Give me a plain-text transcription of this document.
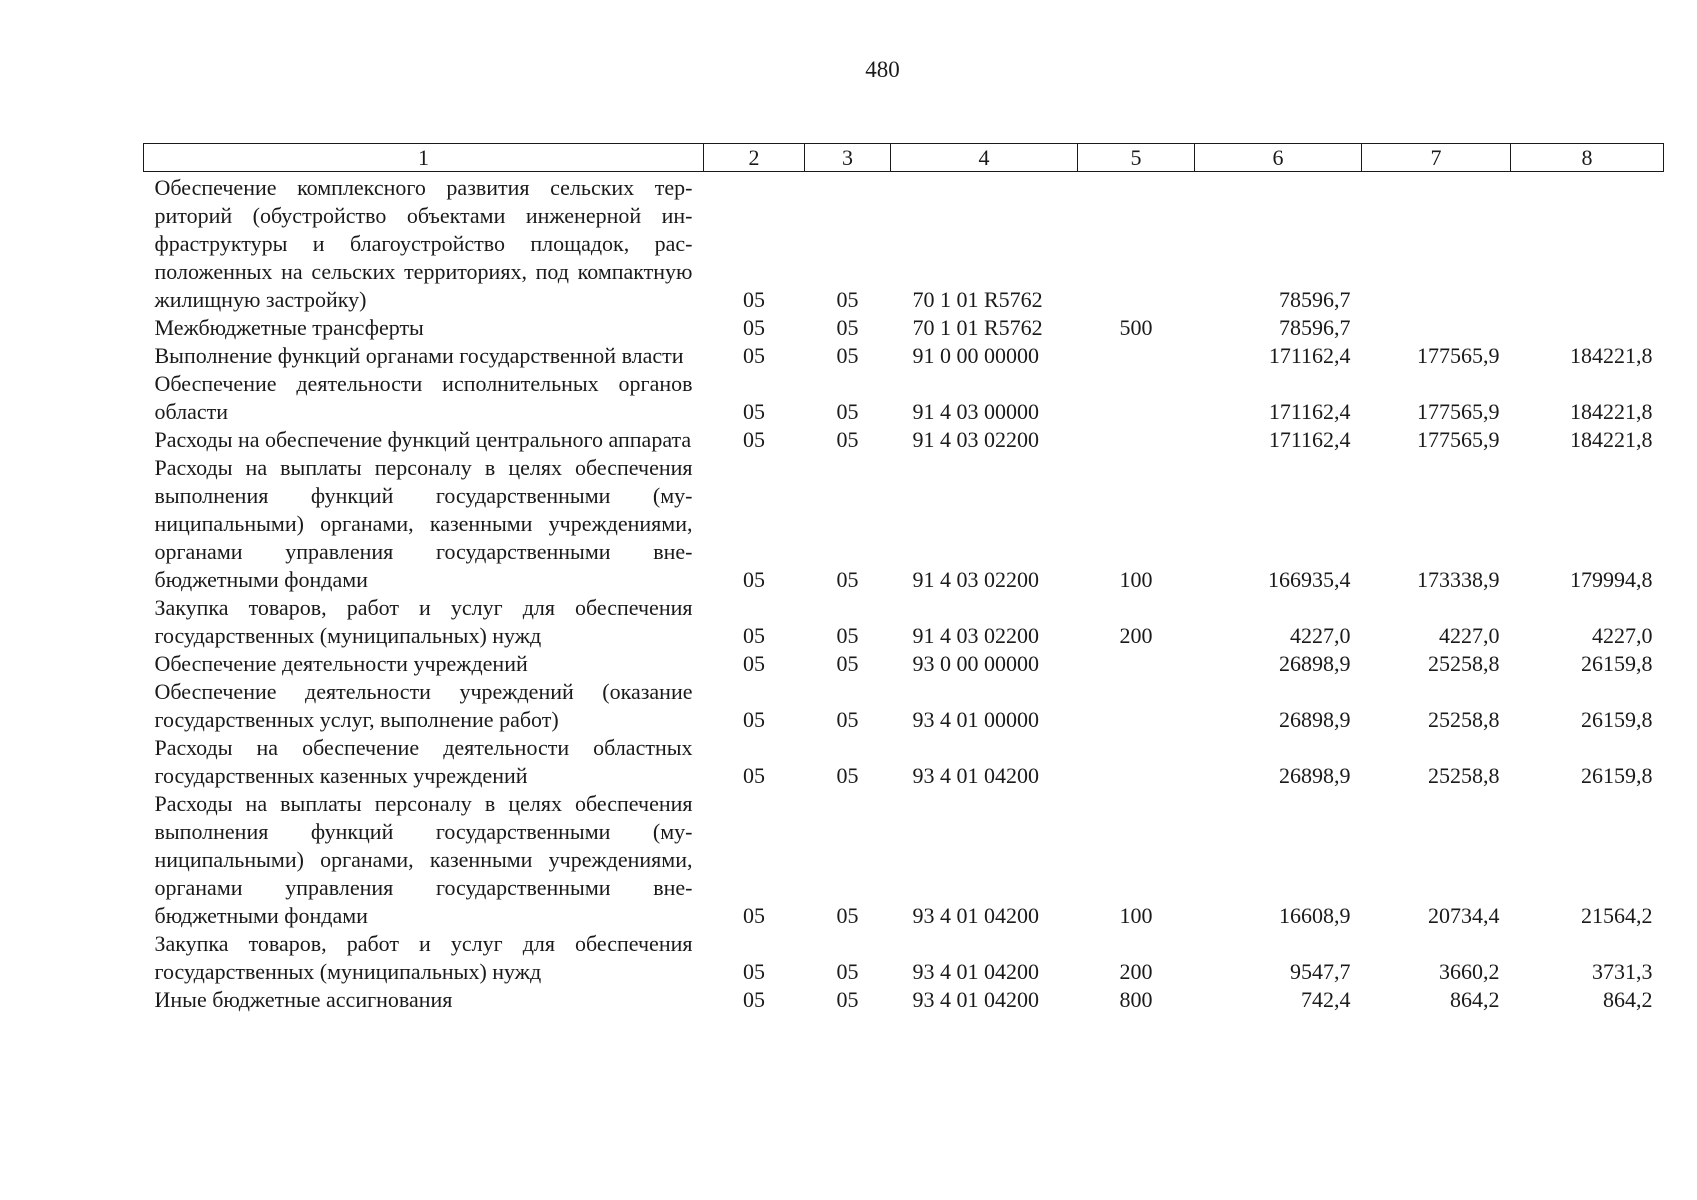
480
1	2	3	4	5	6	7	8
Обеспечение комплексного развития сельских территорий (обустройство объектами инженерной инфраструктуры и благоустройство площадок, расположенных на сельских территориях, под компактную жилищную застройку)	05	05	70 1 01 R5762		78596,7		
Межбюджетные трансферты	05	05	70 1 01 R5762	500	78596,7		
Выполнение функций органами государственной власти	05	05	91 0 00 00000		171162,4	177565,9	184221,8
Обеспечение деятельности исполнительных органов области	05	05	91 4 03 00000		171162,4	177565,9	184221,8
Расходы на обеспечение функций центрального аппарата	05	05	91 4 03 02200		171162,4	177565,9	184221,8
Расходы на выплаты персоналу в целях обеспечения выполнения функций государственными (муниципальными) органами, казенными учреждениями, органами управления государственными внебюджетными фондами	05	05	91 4 03 02200	100	166935,4	173338,9	179994,8
Закупка товаров, работ и услуг для обеспечения государственных (муниципальных) нужд	05	05	91 4 03 02200	200	4227,0	4227,0	4227,0
Обеспечение деятельности учреждений	05	05	93 0 00 00000		26898,9	25258,8	26159,8
Обеспечение деятельности учреждений (оказание государственных услуг, выполнение работ)	05	05	93 4 01 00000		26898,9	25258,8	26159,8
Расходы на обеспечение деятельности областных государственных казенных учреждений	05	05	93 4 01 04200		26898,9	25258,8	26159,8
Расходы на выплаты персоналу в целях обеспечения выполнения функций государственными (муниципальными) органами, казенными учреждениями, органами управления государственными внебюджетными фондами	05	05	93 4 01 04200	100	16608,9	20734,4	21564,2
Закупка товаров, работ и услуг для обеспечения государственных (муниципальных) нужд	05	05	93 4 01 04200	200	9547,7	3660,2	3731,3
Иные бюджетные ассигнования	05	05	93 4 01 04200	800	742,4	864,2	864,2
